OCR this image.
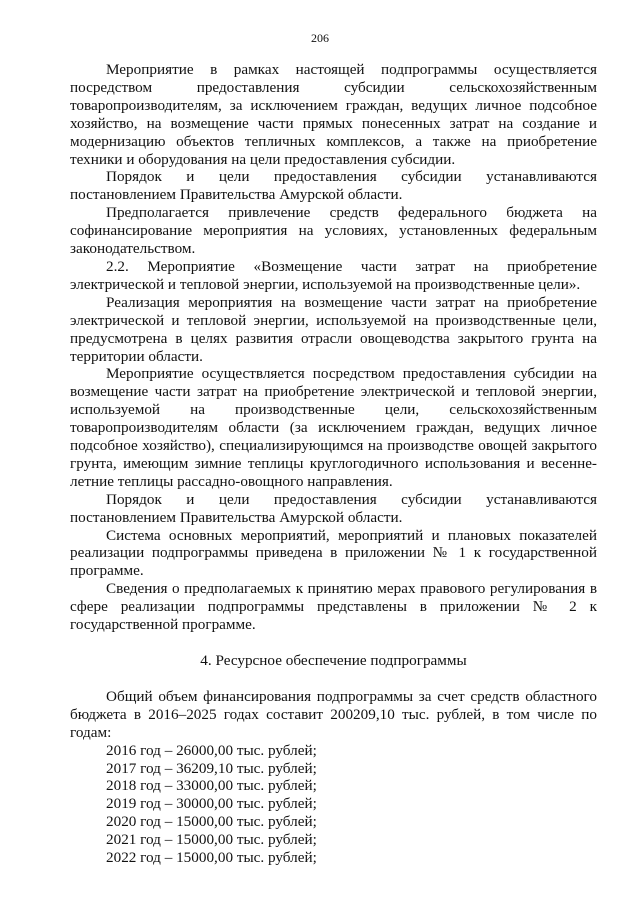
206

Мероприятие в рамках настоящей подпрограммы осуществляется посредством предоставления субсидии сельскохозяйственным товаропроизводителям, за исключением граждан, ведущих личное подсобное хозяйство, на возмещение части прямых понесенных затрат на создание и модернизацию объектов тепличных комплексов, а также на приобретение техники и оборудования на цели предоставления субсидии.

Порядок и цели предоставления субсидии устанавливаются постановлением Правительства Амурской области.

Предполагается привлечение средств федерального бюджета на софинансирование мероприятия на условиях, установленных федеральным законодательством.

2.2. Мероприятие «Возмещение части затрат на приобретение электрической и тепловой энергии, используемой на производственные цели».

Реализация мероприятия на возмещение части затрат на приобретение электрической и тепловой энергии, используемой на производственные цели, предусмотрена в целях развития отрасли овощеводства закрытого грунта на территории области.

Мероприятие осуществляется посредством предоставления субсидии на возмещение части затрат на приобретение электрической и тепловой энергии, используемой на производственные цели, сельскохозяйственным товаропроизводителям области (за исключением граждан, ведущих личное подсобное хозяйство), специализирующимся на производстве овощей закрытого грунта, имеющим зимние теплицы круглогодичного использования и весенне-летние теплицы рассадно-овощного направления.

Порядок и цели предоставления субсидии устанавливаются постановлением Правительства Амурской области.

Система основных мероприятий, мероприятий и плановых показателей реализации подпрограммы приведена в приложении № 1 к государственной программе.

Сведения о предполагаемых к принятию мерах правового регулирования в сфере реализации подпрограммы представлены в приложении № 2 к государственной программе.

4. Ресурсное обеспечение подпрограммы

Общий объем финансирования подпрограммы за счет средств областного бюджета в 2016–2025 годах составит 200209,10 тыс. рублей, в том числе по годам:

2016 год – 26000,00 тыс. рублей;
2017 год – 36209,10 тыс. рублей;
2018 год – 33000,00 тыс. рублей;
2019 год – 30000,00 тыс. рублей;
2020 год – 15000,00 тыс. рублей;
2021 год – 15000,00 тыс. рублей;
2022 год – 15000,00 тыс. рублей;
